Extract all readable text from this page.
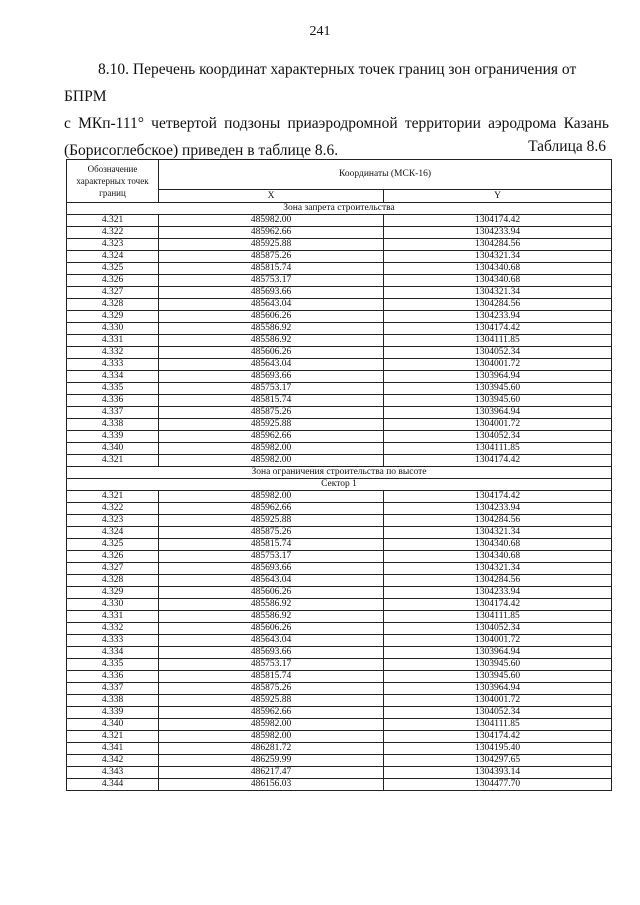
241
8.10. Перечень координат характерных точек границ зон ограничения от БПРМ
с МКп-111° четвертой подзоны приаэродромной территории аэродрома Казань
(Борисоглебское) приведен в таблице 8.6.	Таблица 8.6
Обозначение характерных точек границ	Координаты (МСК-16)	
	X	Y
Зона запрета строительства		
4.321	485982.00	1304174.42
4.322	485962.66	1304233.94
4.323	485925.88	1304284.56
4.324	485875.26	1304321.34
4.325	485815.74	1304340.68
4.326	485753.17	1304340.68
4.327	485693.66	1304321.34
4.328	485643.04	1304284.56
4.329	485606.26	1304233.94
4.330	485586.92	1304174.42
4.331	485586.92	1304111.85
4.332	485606.26	1304052.34
4.333	485643.04	1304001.72
4.334	485693.66	1303964.94
4.335	485753.17	1303945.60
4.336	485815.74	1303945.60
4.337	485875.26	1303964.94
4.338	485925.88	1304001.72
4.339	485962.66	1304052.34
4.340	485982.00	1304111.85
4.321	485982.00	1304174.42
Зона ограничения строительства по высоте		
Сектор 1		
4.321	485982.00	1304174.42
4.322	485962.66	1304233.94
4.323	485925.88	1304284.56
4.324	485875.26	1304321.34
4.325	485815.74	1304340.68
4.326	485753.17	1304340.68
4.327	485693.66	1304321.34
4.328	485643.04	1304284.56
4.329	485606.26	1304233.94
4.330	485586.92	1304174.42
4.331	485586.92	1304111.85
4.332	485606.26	1304052.34
4.333	485643.04	1304001.72
4.334	485693.66	1303964.94
4.335	485753.17	1303945.60
4.336	485815.74	1303945.60
4.337	485875.26	1303964.94
4.338	485925.88	1304001.72
4.339	485962.66	1304052.34
4.340	485982.00	1304111.85
4.321	485982.00	1304174.42
4.341	486281.72	1304195.40
4.342	486259.99	1304297.65
4.343	486217.47	1304393.14
4.344	486156.03	1304477.70
